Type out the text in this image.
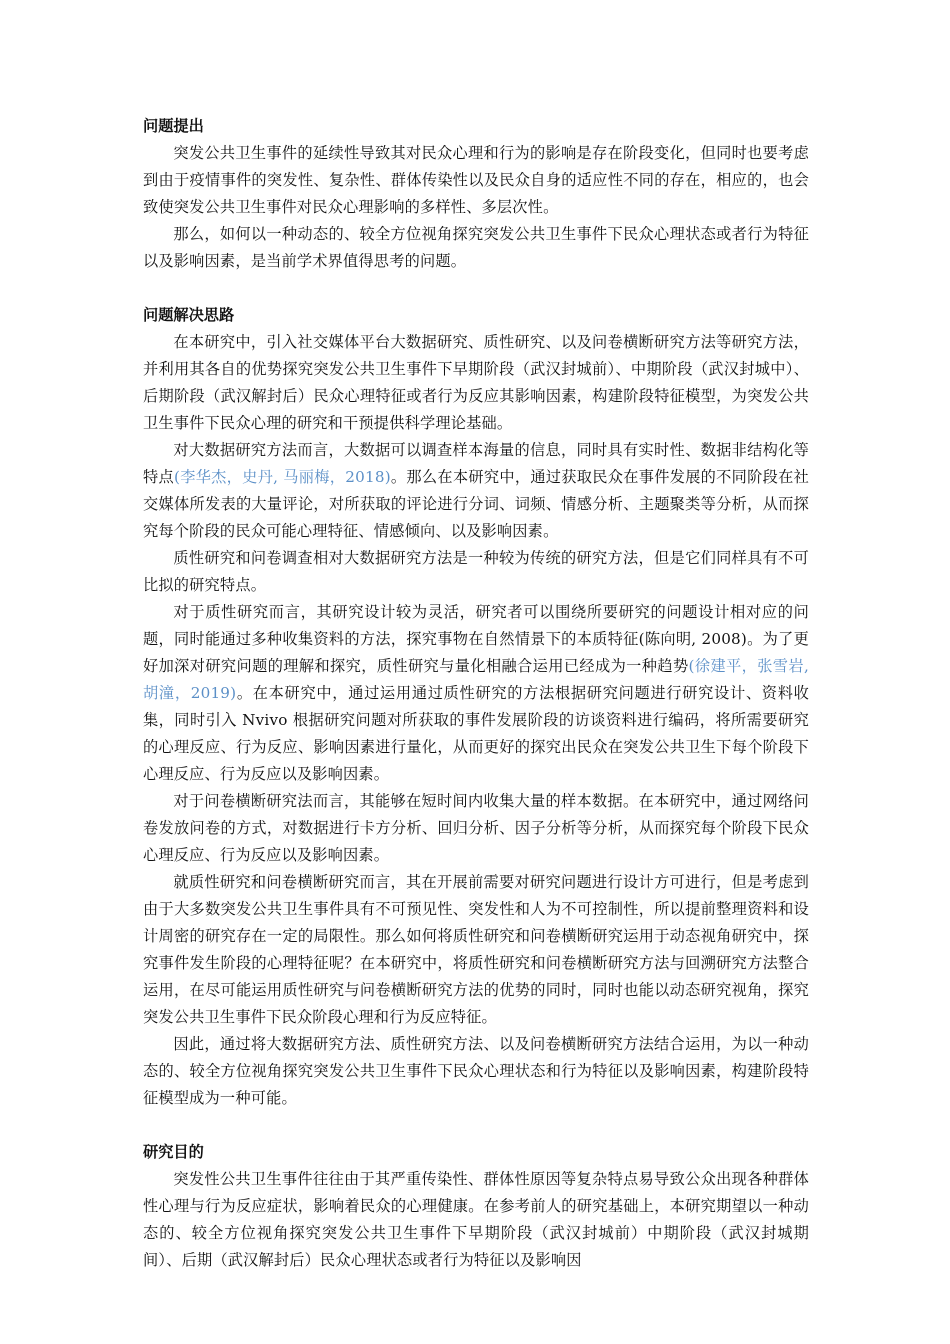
问题提出

突发公共卫生事件的延续性导致其对民众心理和行为的影响是存在阶段变化，但同时也要考虑到由于疫情事件的突发性、复杂性、群体传染性以及民众自身的适应性不同的存在，相应的，也会致使突发公共卫生事件对民众心理影响的多样性、多层次性。

那么，如何以一种动态的、较全方位视角探究突发公共卫生事件下民众心理状态或者行为特征以及影响因素，是当前学术界值得思考的问题。

问题解决思路

在本研究中，引入社交媒体平台大数据研究、质性研究、以及问卷横断研究方法等研究方法，并利用其各自的优势探究突发公共卫生事件下早期阶段（武汉封城前）、中期阶段（武汉封城中）、后期阶段（武汉解封后）民众心理特征或者行为反应其影响因素，构建阶段特征模型，为突发公共卫生事件下民众心理的研究和干预提供科学理论基础。

对大数据研究方法而言，大数据可以调查样本海量的信息，同时具有实时性、数据非结构化等特点(李华杰，史丹, 马丽梅，2018)。那么在本研究中，通过获取民众在事件发展的不同阶段在社交媒体所发表的大量评论，对所获取的评论进行分词、词频、情感分析、主题聚类等分析，从而探究每个阶段的民众可能心理特征、情感倾向、以及影响因素。

质性研究和问卷调查相对大数据研究方法是一种较为传统的研究方法，但是它们同样具有不可比拟的研究特点。

对于质性研究而言，其研究设计较为灵活，研究者可以围绕所要研究的问题设计相对应的问题，同时能通过多种收集资料的方法，探究事物在自然情景下的本质特征(陈向明, 2008)。为了更好加深对研究问题的理解和探究，质性研究与量化相融合运用已经成为一种趋势(徐建平，张雪岩, 胡潼，2019)。在本研究中，通过运用通过质性研究的方法根据研究问题进行研究设计、资料收集，同时引入 Nvivo 根据研究问题对所获取的事件发展阶段的访谈资料进行编码，将所需要研究的心理反应、行为反应、影响因素进行量化，从而更好的探究出民众在突发公共卫生下每个阶段下心理反应、行为反应以及影响因素。

对于问卷横断研究法而言，其能够在短时间内收集大量的样本数据。在本研究中，通过网络问卷发放问卷的方式，对数据进行卡方分析、回归分析、因子分析等分析，从而探究每个阶段下民众心理反应、行为反应以及影响因素。

就质性研究和问卷横断研究而言，其在开展前需要对研究问题进行设计方可进行，但是考虑到由于大多数突发公共卫生事件具有不可预见性、突发性和人为不可控制性，所以提前整理资料和设计周密的研究存在一定的局限性。那么如何将质性研究和问卷横断研究运用于动态视角研究中，探究事件发生阶段的心理特征呢？在本研究中，将质性研究和问卷横断研究方法与回溯研究方法整合运用，在尽可能运用质性研究与问卷横断研究方法的优势的同时，同时也能以动态研究视角，探究突发公共卫生事件下民众阶段心理和行为反应特征。

因此，通过将大数据研究方法、质性研究方法、以及问卷横断研究方法结合运用，为以一种动态的、较全方位视角探究突发公共卫生事件下民众心理状态和行为特征以及影响因素，构建阶段特征模型成为一种可能。

研究目的

突发性公共卫生事件往往由于其严重传染性、群体性原因等复杂特点易导致公众出现各种群体性心理与行为反应症状，影响着民众的心理健康。在参考前人的研究基础上，本研究期望以一种动态的、较全方位视角探究突发公共卫生事件下早期阶段（武汉封城前）中期阶段（武汉封城期间）、后期（武汉解封后）民众心理状态或者行为特征以及影响因
